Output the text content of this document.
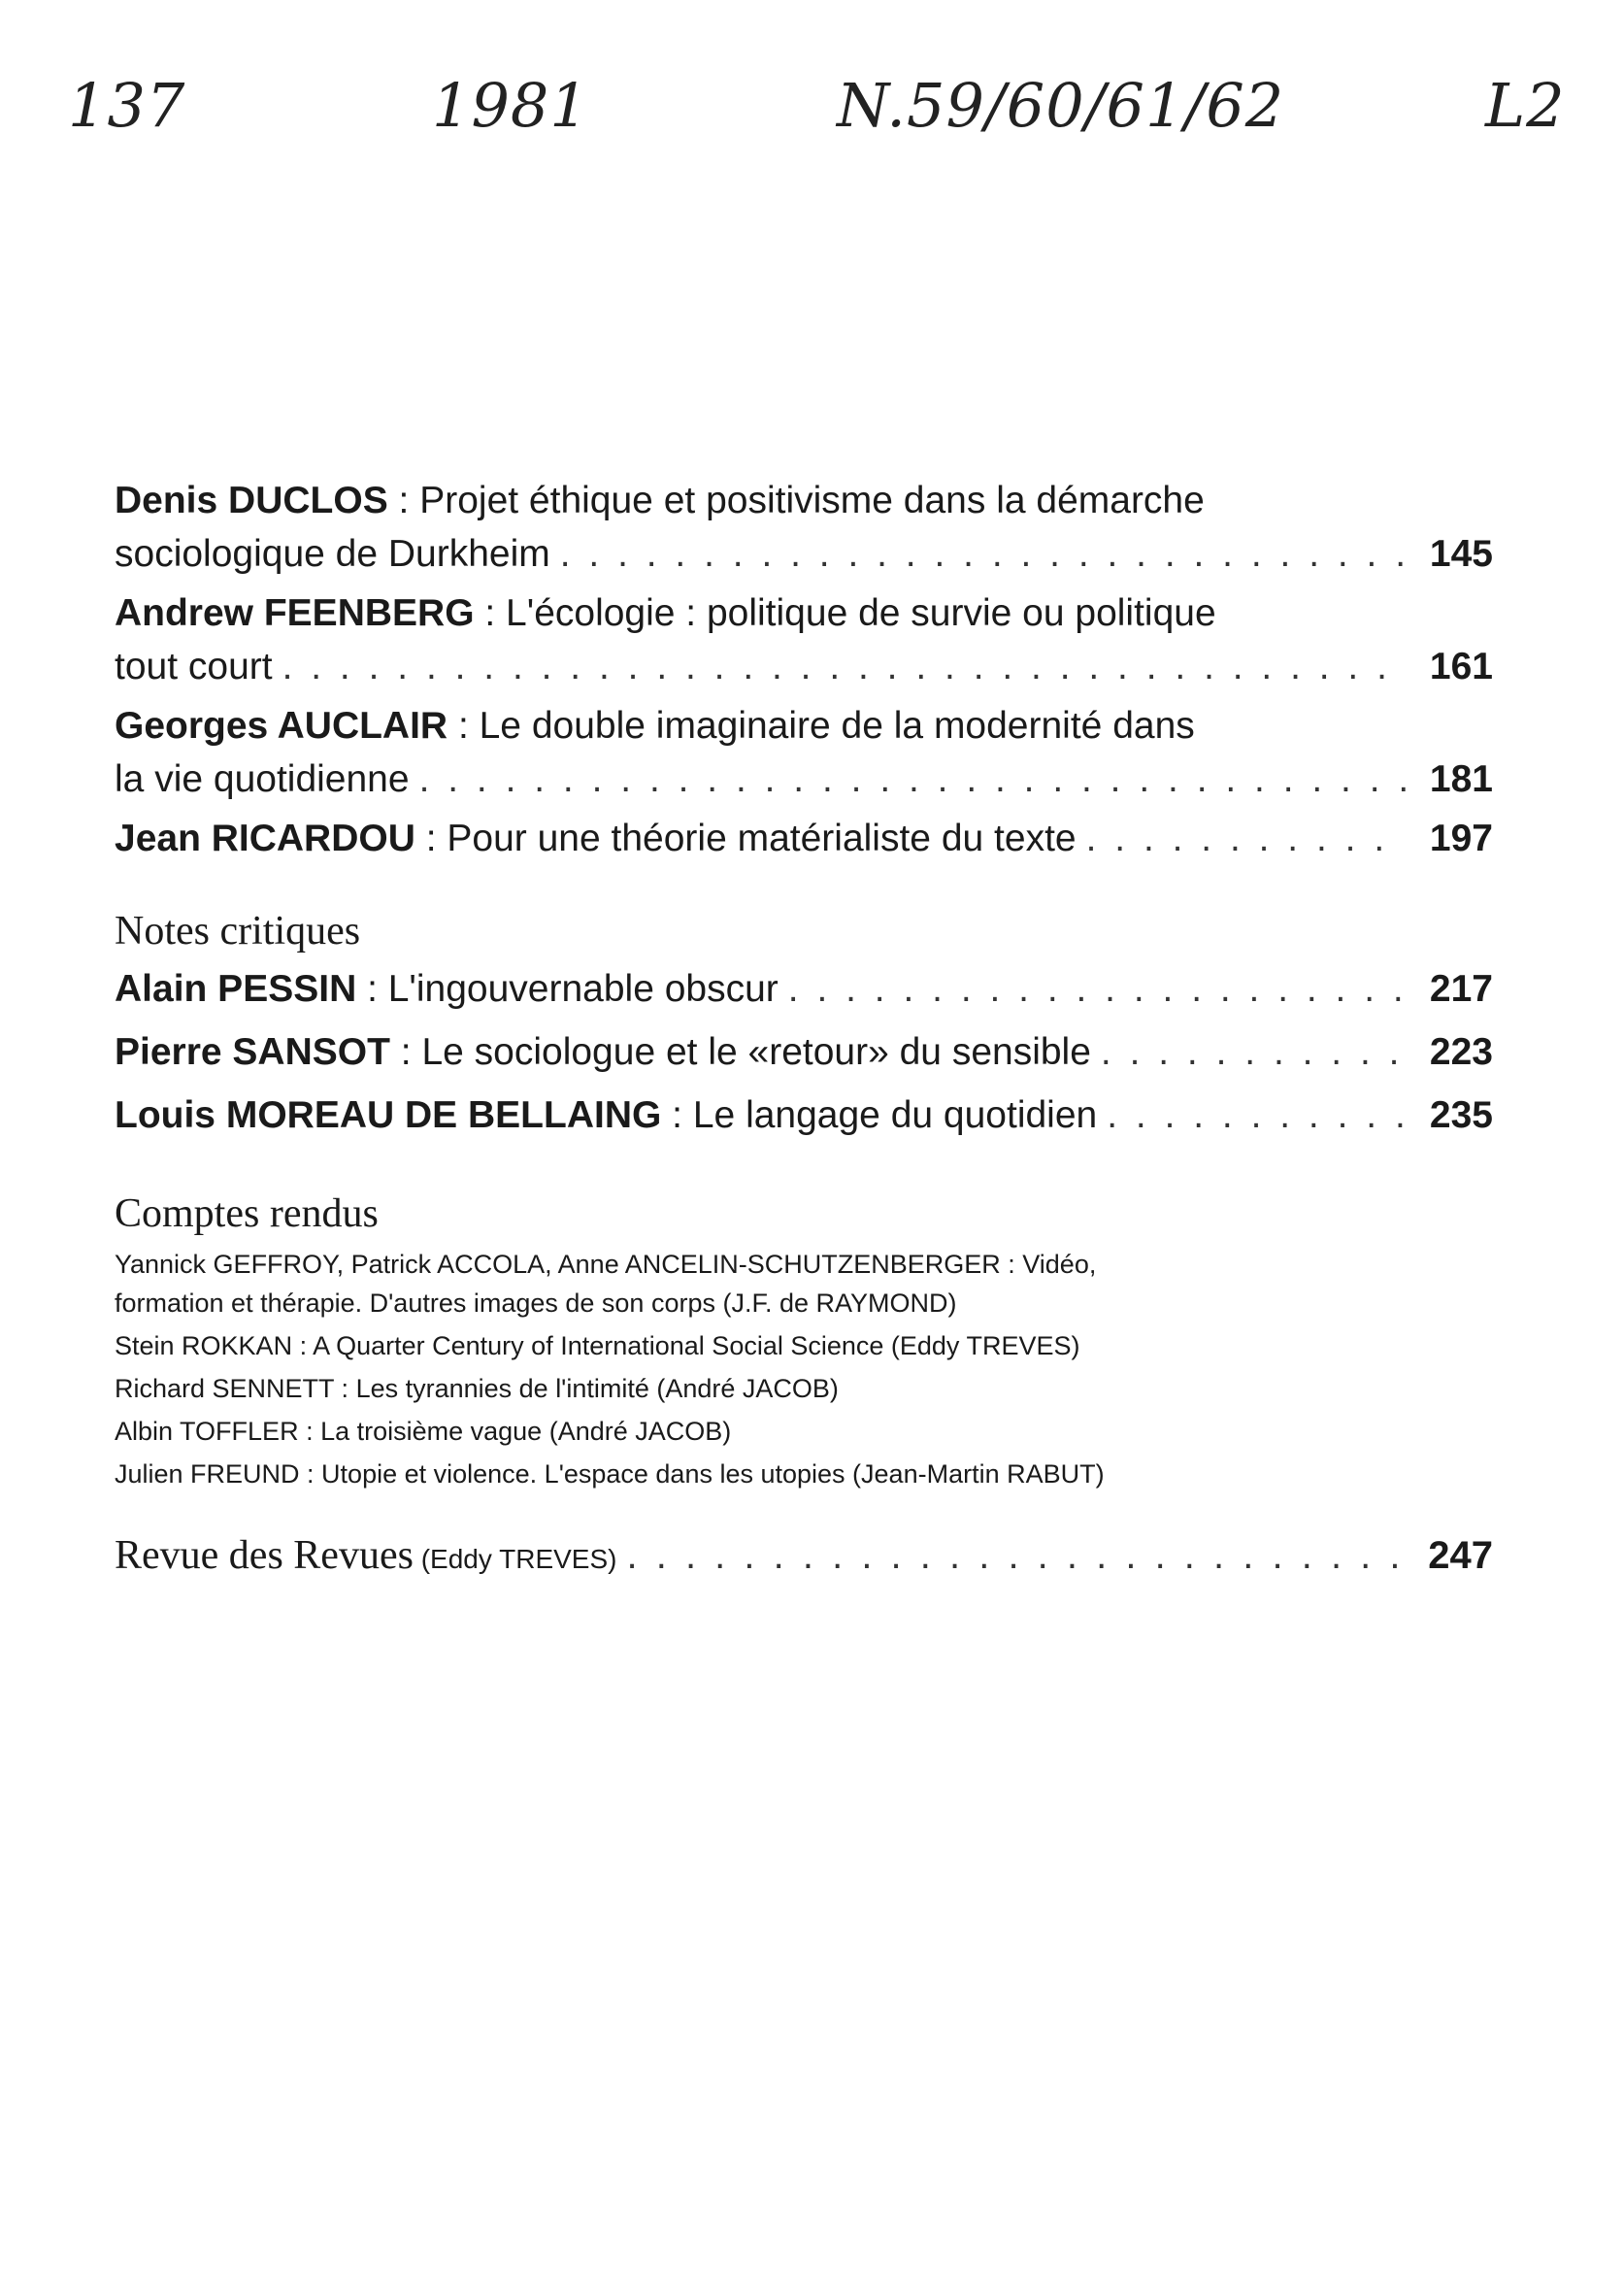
137	1981	N.59/60/61/62	L2
Denis DUCLOS : Projet éthique et positivisme dans la démarche
sociologique de Durkheim . . .	145
Andrew FEENBERG : L'écologie : politique de survie ou politique
tout court . . .	161
Georges AUCLAIR : Le double imaginaire de la modernité dans
la vie quotidienne . . .	181
Jean RICARDOU : Pour une théorie matérialiste du texte . . .	197
Notes critiques
Alain PESSIN : L'ingouvernable obscur . . .	217
Pierre SANSOT : Le sociologue et le «retour» du sensible . . .	223
Louis MOREAU DE BELLAING : Le langage du quotidien . . .	235
Comptes rendus
Yannick GEFFROY, Patrick ACCOLA, Anne ANCELIN-SCHUTZENBERGER : Vidéo,
formation et thérapie. D'autres images de son corps (J.F. de RAYMOND)
Stein ROKKAN : A Quarter Century of International Social Science (Eddy TREVES)
Richard SENNETT : Les tyrannies de l'intimité (André JACOB)
Albin TOFFLER : La troisième vague (André JACOB)
Julien FREUND : Utopie et violence. L'espace dans les utopies (Jean-Martin RABUT)
Revue des Revues (Eddy TREVES) . . .	247
